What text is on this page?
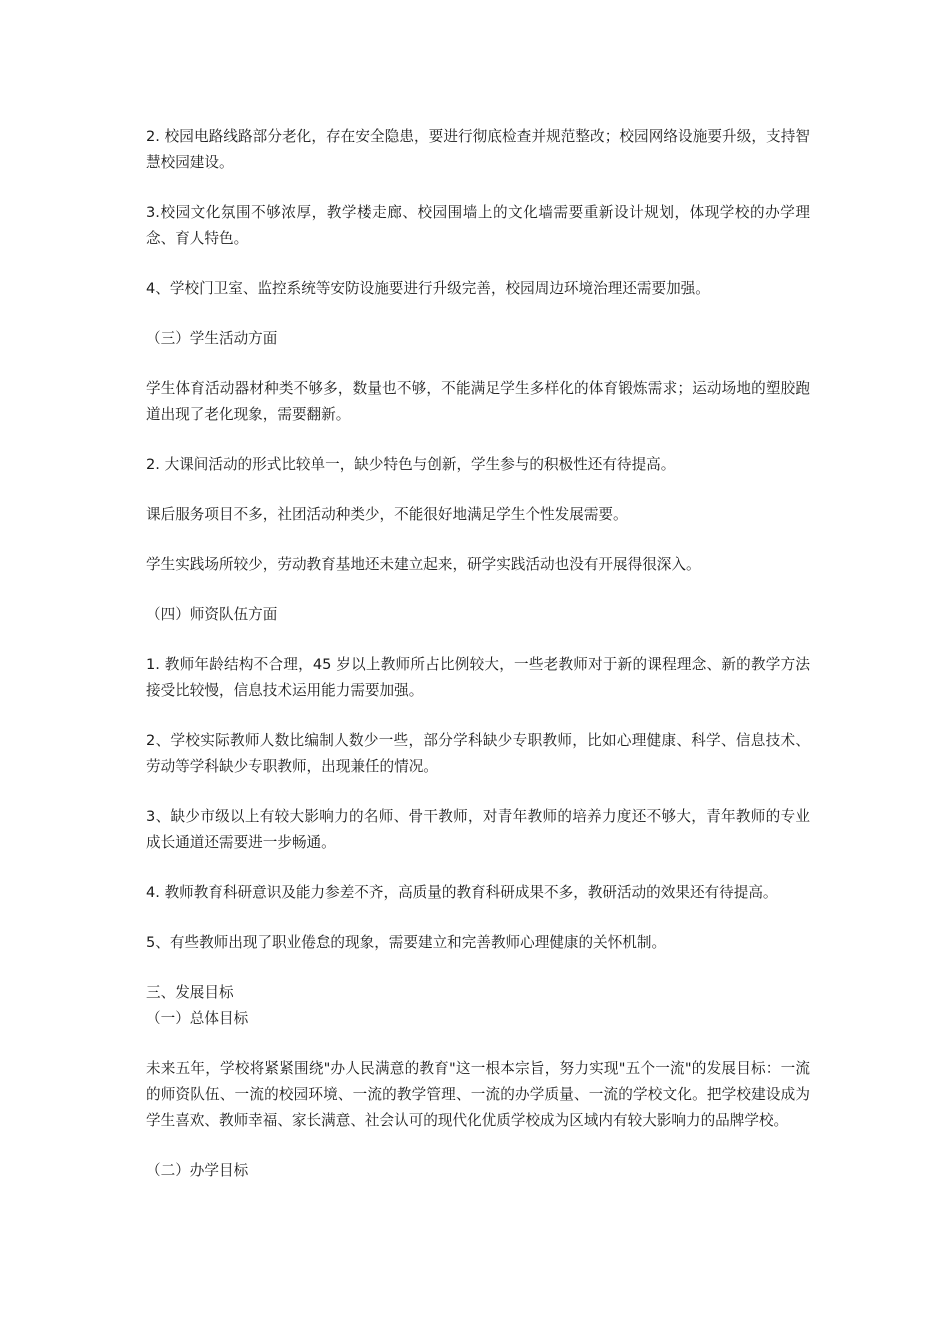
2. 校园电路线路部分老化，存在安全隐患，要进行彻底检查并规范整改；校园网络设施要升级，支持智慧校园建设。

3.校园文化氛围不够浓厚，教学楼走廊、校园围墙上的文化墙需要重新设计规划，体现学校的办学理念、育人特色。

4、学校门卫室、监控系统等安防设施要进行升级完善，校园周边环境治理还需要加强。

（三）学生活动方面

学生体育活动器材种类不够多，数量也不够，不能满足学生多样化的体育锻炼需求；运动场地的塑胶跑道出现了老化现象，需要翻新。

2. 大课间活动的形式比较单一，缺少特色与创新，学生参与的积极性还有待提高。

课后服务项目不多，社团活动种类少，不能很好地满足学生个性发展需要。

学生实践场所较少，劳动教育基地还未建立起来，研学实践活动也没有开展得很深入。

（四）师资队伍方面

1. 教师年龄结构不合理，45 岁以上教师所占比例较大，一些老教师对于新的课程理念、新的教学方法接受比较慢，信息技术运用能力需要加强。

2、学校实际教师人数比编制人数少一些，部分学科缺少专职教师，比如心理健康、科学、信息技术、劳动等学科缺少专职教师，出现兼任的情况。

3、缺少市级以上有较大影响力的名师、骨干教师，对青年教师的培养力度还不够大，青年教师的专业成长通道还需要进一步畅通。

4. 教师教育科研意识及能力参差不齐，高质量的教育科研成果不多，教研活动的效果还有待提高。

5、有些教师出现了职业倦怠的现象，需要建立和完善教师心理健康的关怀机制。

三、发展目标

（一）总体目标

未来五年，学校将紧紧围绕"办人民满意的教育"这一根本宗旨，努力实现"五个一流"的发展目标：一流的师资队伍、一流的校园环境、一流的教学管理、一流的办学质量、一流的学校文化。把学校建设成为学生喜欢、教师幸福、家长满意、社会认可的现代化优质学校成为区域内有较大影响力的品牌学校。

（二）办学目标
